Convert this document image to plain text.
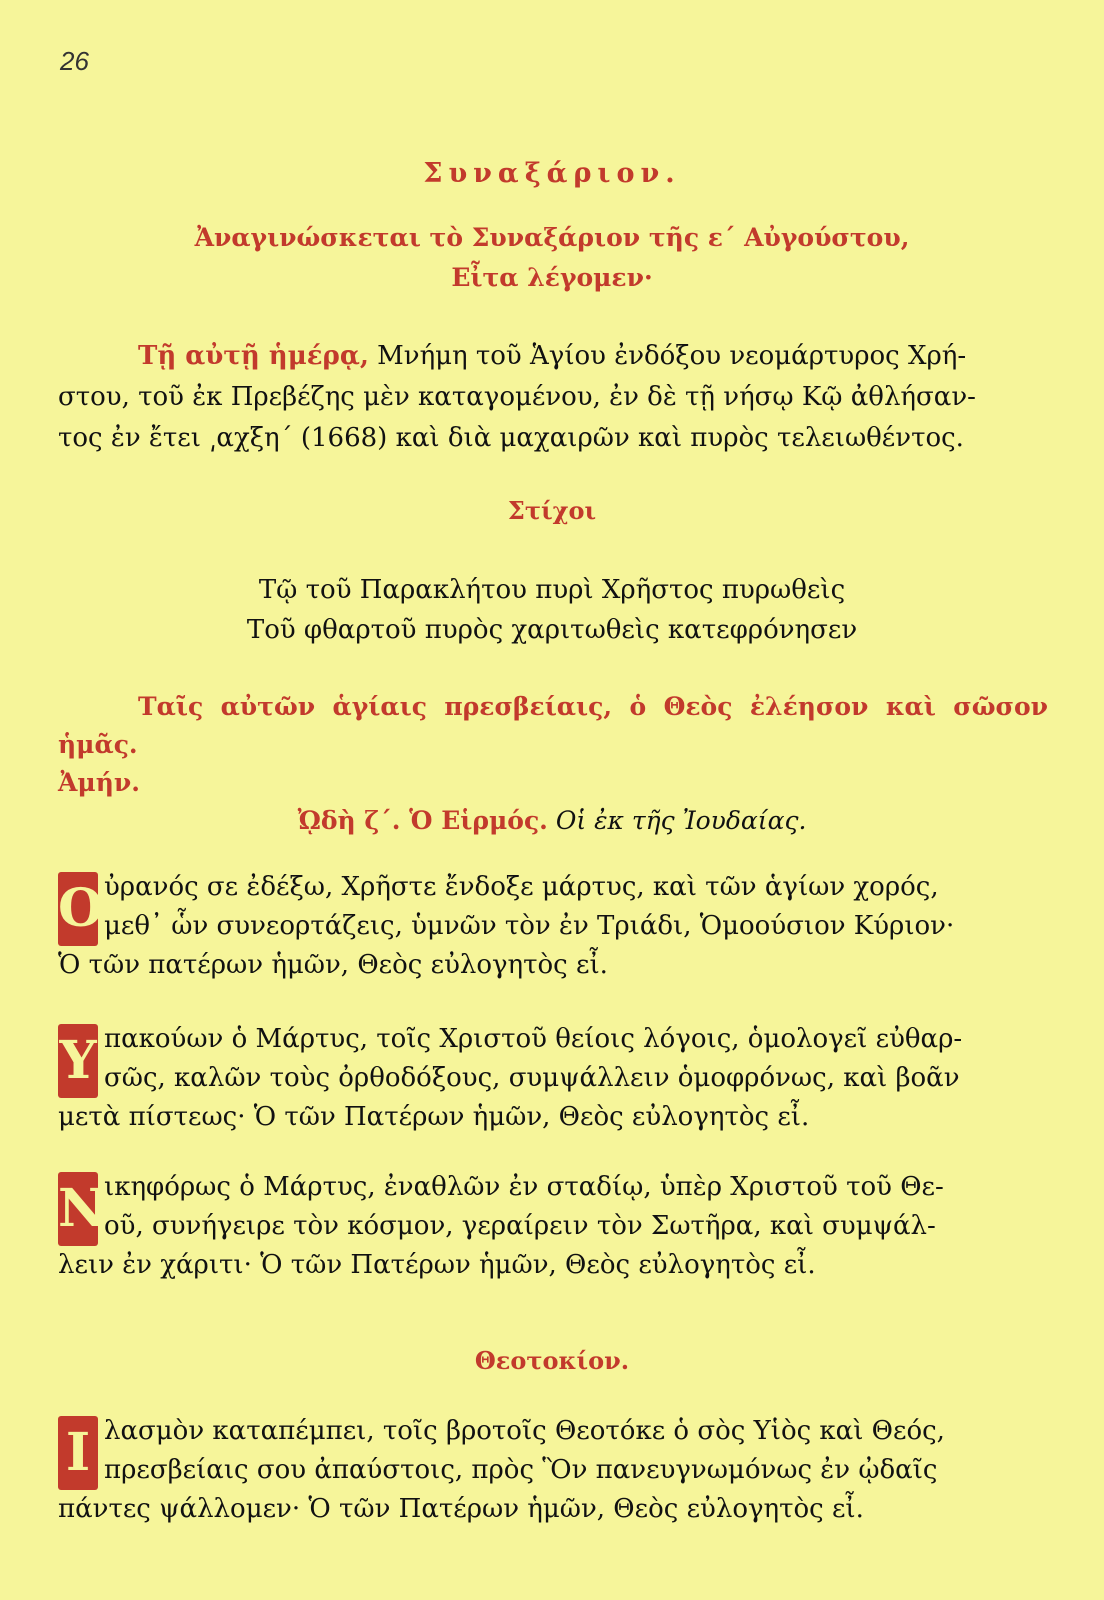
26
Συναξάριον.
Ἀναγινώσκεται τὸ Συναξάριον τῆς ε΄ Αὐγούστου,
Εἶτα λέγομεν·
Τῇ αὐτῇ ἡμέρᾳ, Μνήμη τοῦ Ἁγίου ἐνδόξου νεομάρτυρος Χρή-
στου, τοῦ ἐκ Πρεβέζης μὲν καταγομένου, ἐν δὲ τῇ νήσῳ Κῷ ἀθλήσαν-
τος ἐν ἔτει ͵αχξη΄ (1668) καὶ διὰ μαχαιρῶν καὶ πυρὸς τελειωθέντος.
Στίχοι
Τῷ τοῦ Παρακλήτου πυρὶ Χρῆστος πυρωθεὶς
Τοῦ φθαρτοῦ πυρὸς χαριτωθεὶς κατεφρόνησεν
Ταῖς αὐτῶν ἁγίαις πρεσβείαις, ὁ Θεὸς ἐλέησον καὶ σῶσον ἡμᾶς.
Ἀμήν.
ᾨδὴ ζ΄. Ὁ Εἱρμός. Οἱ ἐκ τῆς Ἰουδαίας.
Ο ὐρανός σε ἐδέξω, Χρῆστε ἔνδοξε μάρτυς, καὶ τῶν ἁγίων χορός,
μεθ᾽ ὧν συνεορτάζεις, ὑμνῶν τὸν ἐν Τριάδι, Ὁμοούσιον Κύριον·
Ὁ τῶν πατέρων ἡμῶν, Θεὸς εὐλογητὸς εἶ.
Υ πακούων ὁ Μάρτυς, τοῖς Χριστοῦ θείοις λόγοις, ὁμολογεῖ εὐθαρ-
σῶς, καλῶν τοὺς ὀρθοδόξους, συμψάλλειν ὁμοφρόνως, καὶ βοᾶν
μετὰ πίστεως· Ὁ τῶν Πατέρων ἡμῶν, Θεὸς εὐλογητὸς εἶ.
Ν
ικηφόρως ὁ Μάρτυς, ἐναθλῶν ἐν σταδίῳ, ὑπὲρ Χριστοῦ τοῦ Θε-
οῦ, συνήγειρε τὸν κόσμον, γεραίρειν τὸν Σωτῆρα, καὶ συμψάλ-
λειν ἐν χάριτι· Ὁ τῶν Πατέρων ἡμῶν, Θεὸς εὐλογητὸς εἶ.
Θεοτοκίον.
Ι λασμὸν καταπέμπει, τοῖς βροτοῖς Θεοτόκε ὁ σὸς Υἱὸς καὶ Θεός,
πρεσβείαις σου ἀπαύστοις, πρὸς Ὃν πανευγνωμόνως ἐν ᾠδαῖς
πάντες ψάλλομεν· Ὁ τῶν Πατέρων ἡμῶν, Θεὸς εὐλογητὸς εἶ.
